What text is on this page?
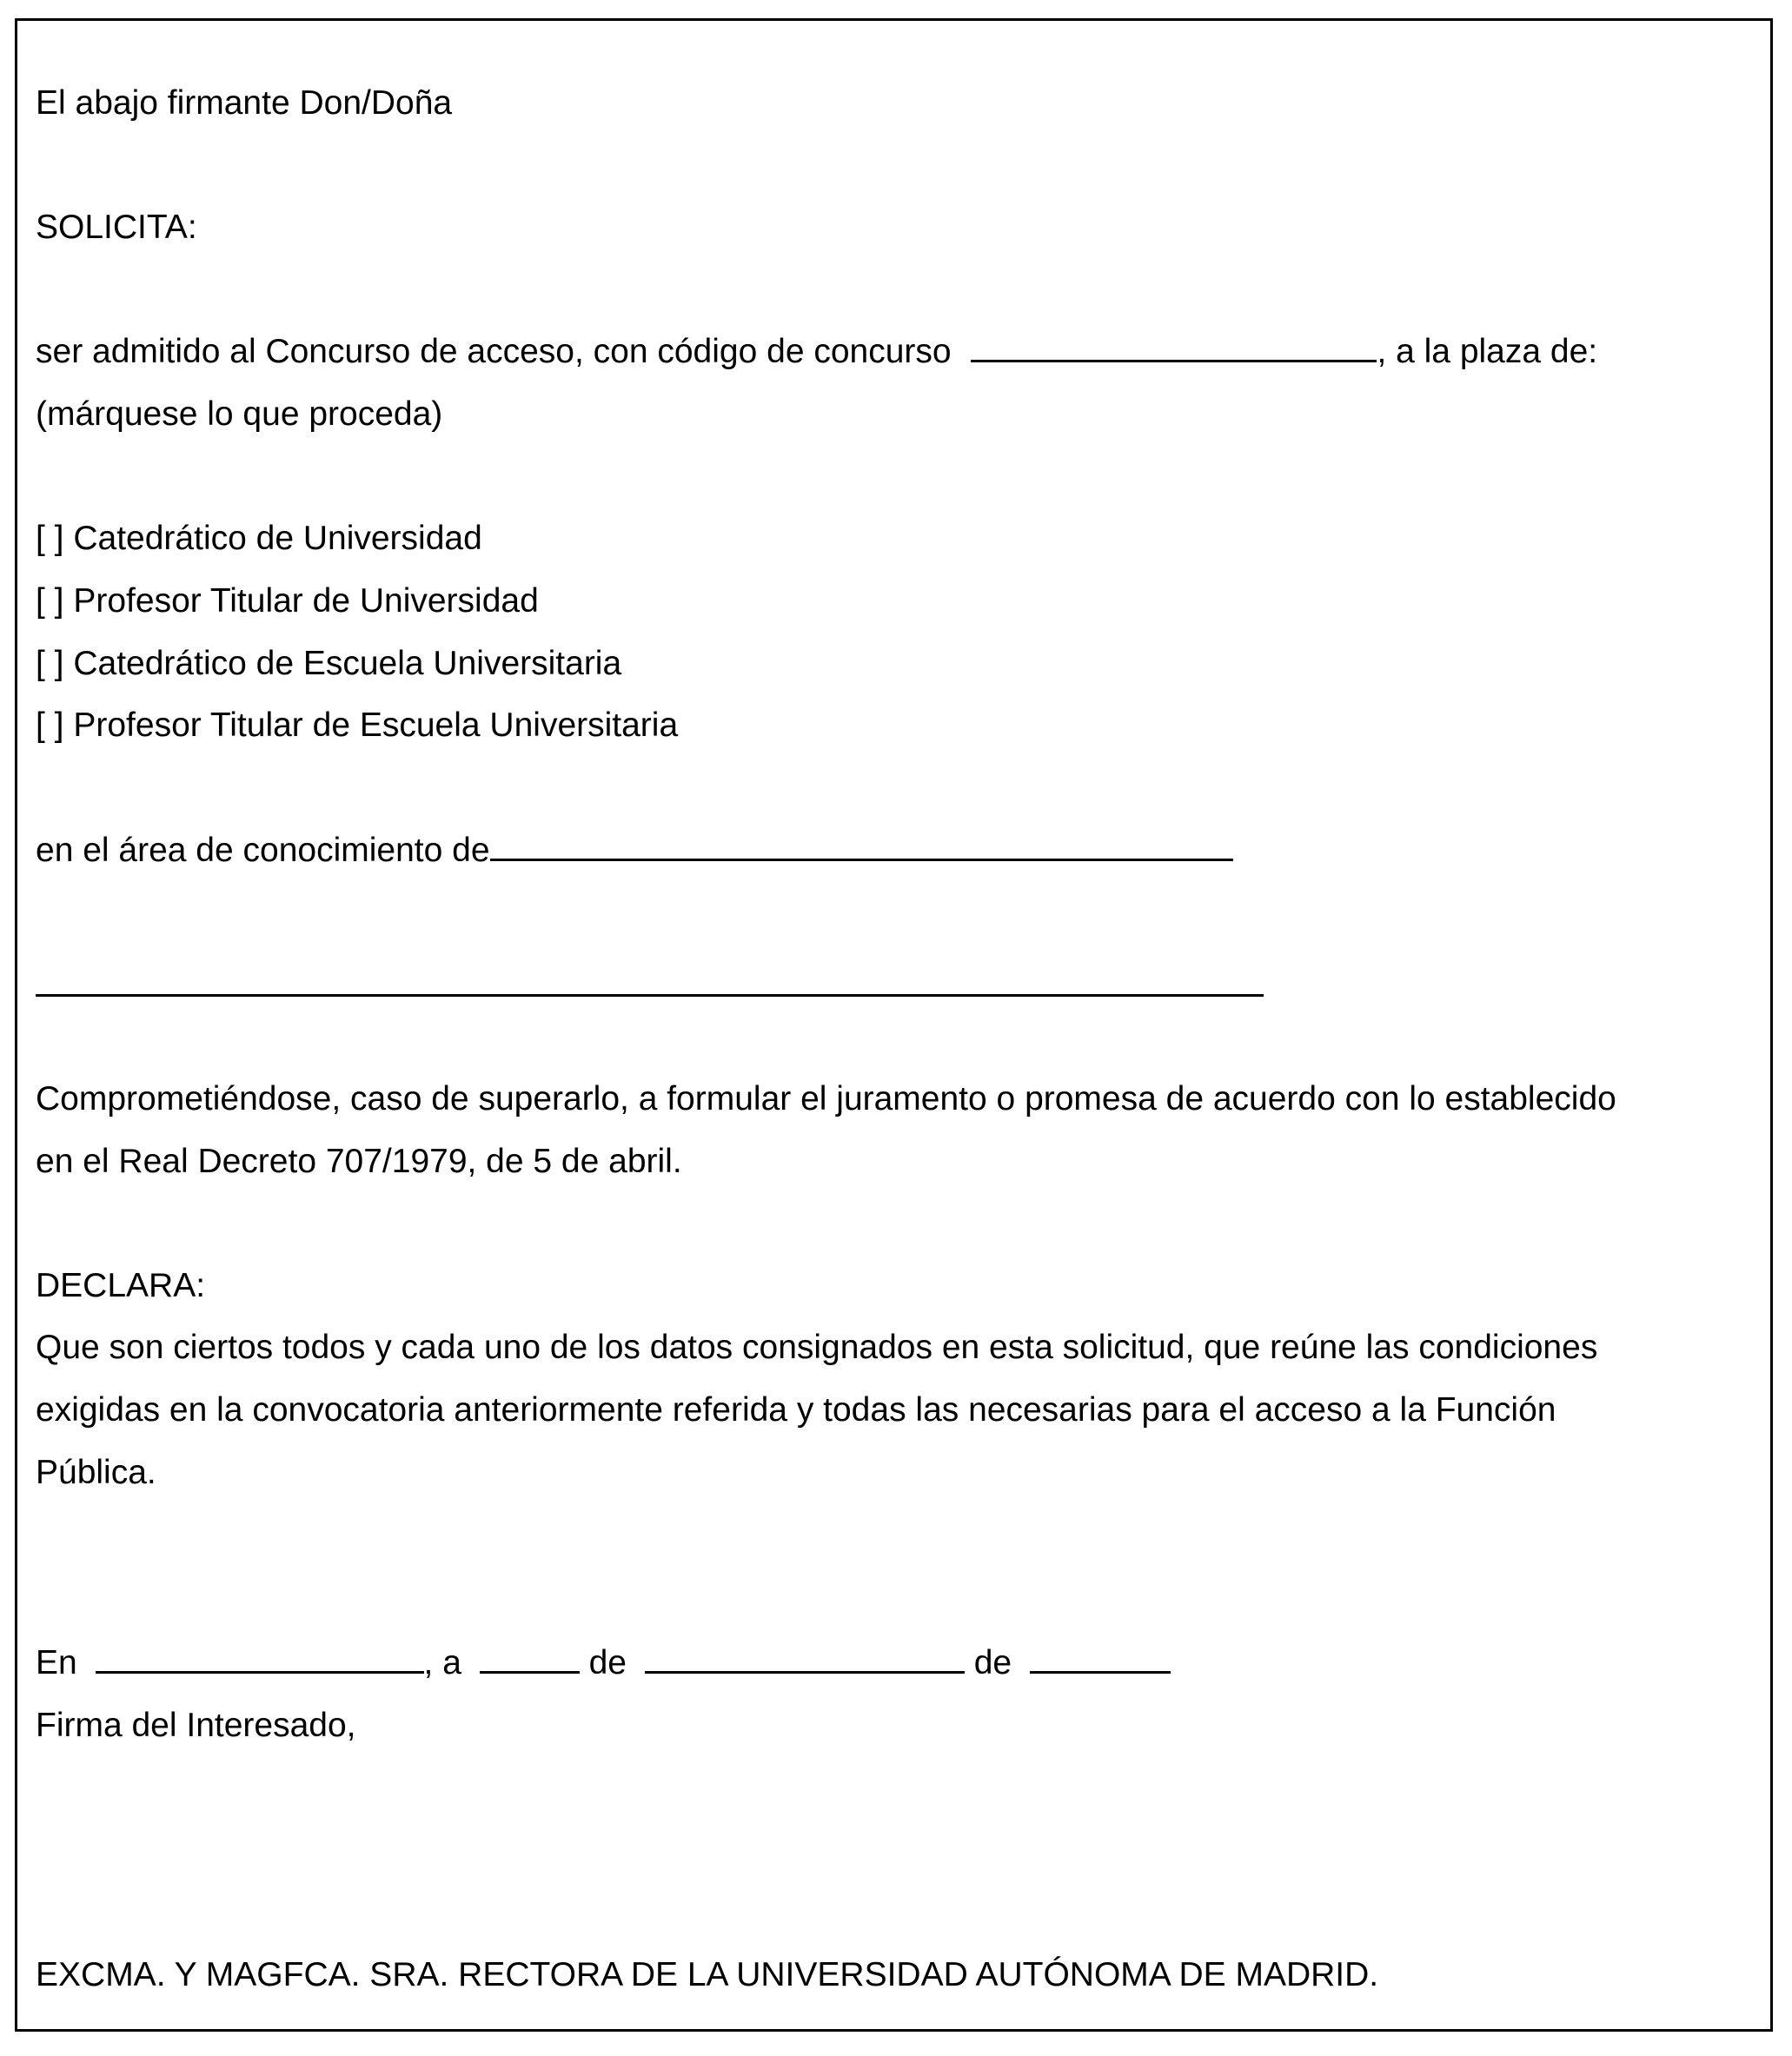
El abajo firmante Don/Doña
SOLICITA:
ser admitido al Concurso de acceso, con código de concurso	, a la plaza de:
(márquese lo que proceda)
[ ] Catedrático de Universidad
[ ] Profesor Titular de Universidad
[ ] Catedrático de Escuela Universitaria
[ ] Profesor Titular de Escuela Universitaria
en el área de conocimiento de
Comprometiéndose, caso de superarlo, a formular el juramento o promesa de acuerdo con lo establecido
en el Real Decreto 707/1979, de 5 de abril.
DECLARA:
Que son ciertos todos y cada uno de los datos consignados en esta solicitud, que reúne las condiciones
exigidas en la convocatoria anteriormente referida y todas las necesarias para el acceso a la Función
Pública.
En	, a	de	de
Firma del Interesado,
EXCMA. Y MAGFCA. SRA. RECTORA DE LA UNIVERSIDAD AUTÓNOMA DE MADRID.
